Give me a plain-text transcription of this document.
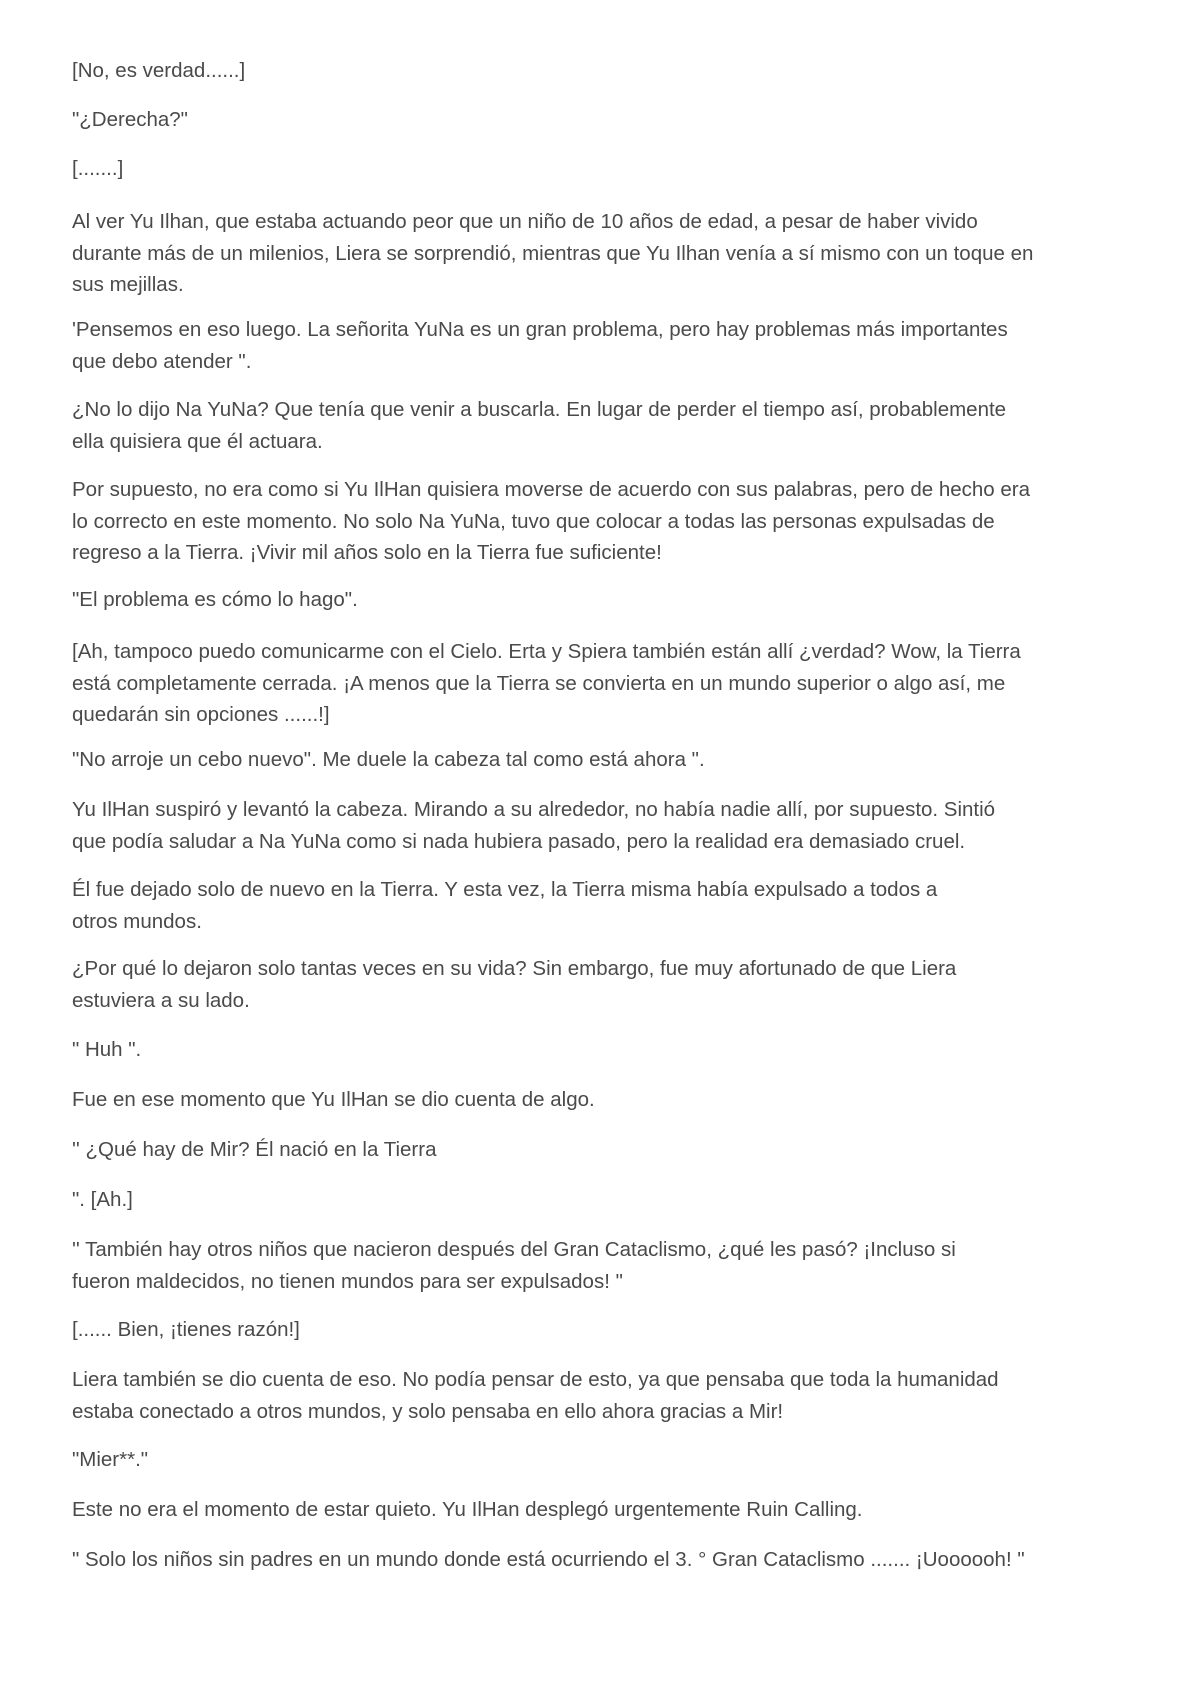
[No, es verdad......]

"¿Derecha?"

[.......]

Al ver Yu Ilhan, que estaba actuando peor que un niño de 10 años de edad, a pesar de haber vivido
durante más de un milenios, Liera se sorprendió, mientras que Yu Ilhan venía a sí mismo con un toque en
sus mejillas.

'Pensemos en eso luego. La señorita YuNa es un gran problema, pero hay problemas más importantes
que debo atender ".

¿No lo dijo Na YuNa? Que tenía que venir a buscarla. En lugar de perder el tiempo así, probablemente
ella quisiera que él actuara.

Por supuesto, no era como si Yu IlHan quisiera moverse de acuerdo con sus palabras, pero de hecho era
lo correcto en este momento. No solo Na YuNa, tuvo que colocar a todas las personas expulsadas de
regreso a la Tierra. ¡Vivir mil años solo en la Tierra fue suficiente!

"El problema es cómo lo hago".

[Ah, tampoco puedo comunicarme con el Cielo. Erta y Spiera también están allí ¿verdad? Wow, la Tierra
está completamente cerrada. ¡A menos que la Tierra se convierta en un mundo superior o algo así, me
quedarán sin opciones ......!]

"No arroje un cebo nuevo". Me duele la cabeza tal como está ahora ".

Yu IlHan suspiró y levantó la cabeza. Mirando a su alrededor, no había nadie allí, por supuesto. Sintió
que podía saludar a Na YuNa como si nada hubiera pasado, pero la realidad era demasiado cruel.

Él fue dejado solo de nuevo en la Tierra. Y esta vez, la Tierra misma había expulsado a todos a
otros mundos.

¿Por qué lo dejaron solo tantas veces en su vida? Sin embargo, fue muy afortunado de que Liera
estuviera a su lado.

" Huh ".

Fue en ese momento que Yu IlHan se dio cuenta de algo.

'' ¿Qué hay de Mir? Él nació en la Tierra

". [Ah.]

'' También hay otros niños que nacieron después del Gran Cataclismo, ¿qué les pasó? ¡Incluso si
fueron maldecidos, no tienen mundos para ser expulsados! "

[...... Bien, ¡tienes razón!]

Liera también se dio cuenta de eso. No podía pensar de esto, ya que pensaba que toda la humanidad
estaba conectado a otros mundos, y solo pensaba en ello ahora gracias a Mir!

"Mier**."

Este no era el momento de estar quieto. Yu IlHan desplegó urgentemente Ruin Calling.

" Solo los niños sin padres en un mundo donde está ocurriendo el 3. ° Gran Cataclismo ....... ¡Uoooooh! "
